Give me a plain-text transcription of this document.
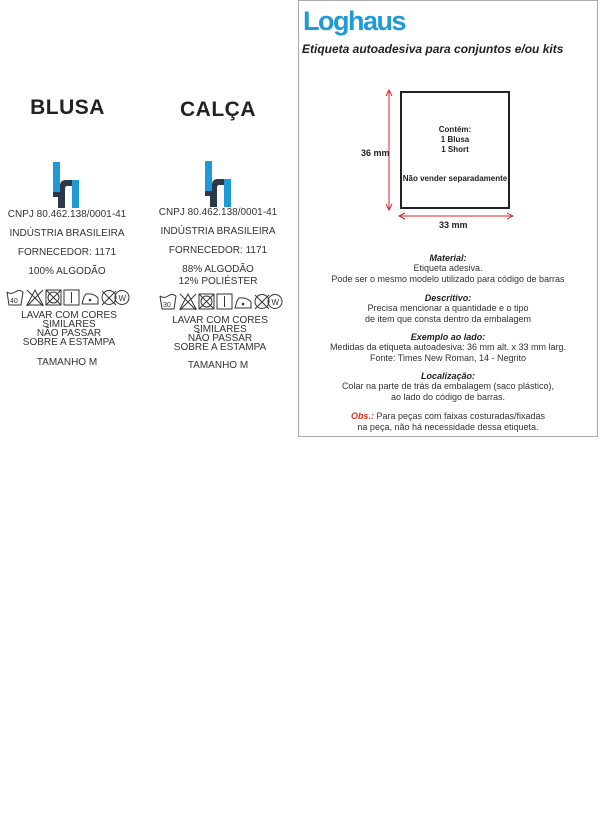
BLUSA
CNPJ 80.462.138/0001-41
INDÚSTRIA BRASILEIRA
FORNECEDOR: 1171
100% ALGODÃO
40	W
LAVAR COM CORES
SIMILARES
NÃO PASSAR
SOBRE A ESTAMPA
TAMANHO M
CALÇA
CNPJ 80.462.138/0001-41
INDÚSTRIA BRASILEIRA
FORNECEDOR: 1171
88% ALGODÃO
12% POLIÉSTER
30	W
LAVAR COM CORES
SIMILARES
NÃO PASSAR
SOBRE A ESTAMPA
TAMANHO M
Loghaus
Etiqueta autoadesiva para conjuntos e/ou kits
36 mm
33 mm
Contém:
1 Blusa
1 Short
Não vender separadamente
Material:
Etiqueta adesiva.
Pode ser o mesmo modelo utilizado para código de barras
Descritivo:
Precisa mencionar a quantidade e o tipo
de item que consta dentro da embalagem
Exemplo ao lado:
Medidas da etiqueta autoadesiva: 36 mm alt. x 33 mm larg.
Fonte: Times New Roman, 14 - Negrito
Localização:
Colar na parte de trás da embalagem (saco plástico),
ao lado do código de barras.
Obs.: Para peças com faixas costuradas/fixadas
na peça, não há necessidade dessa etiqueta.
